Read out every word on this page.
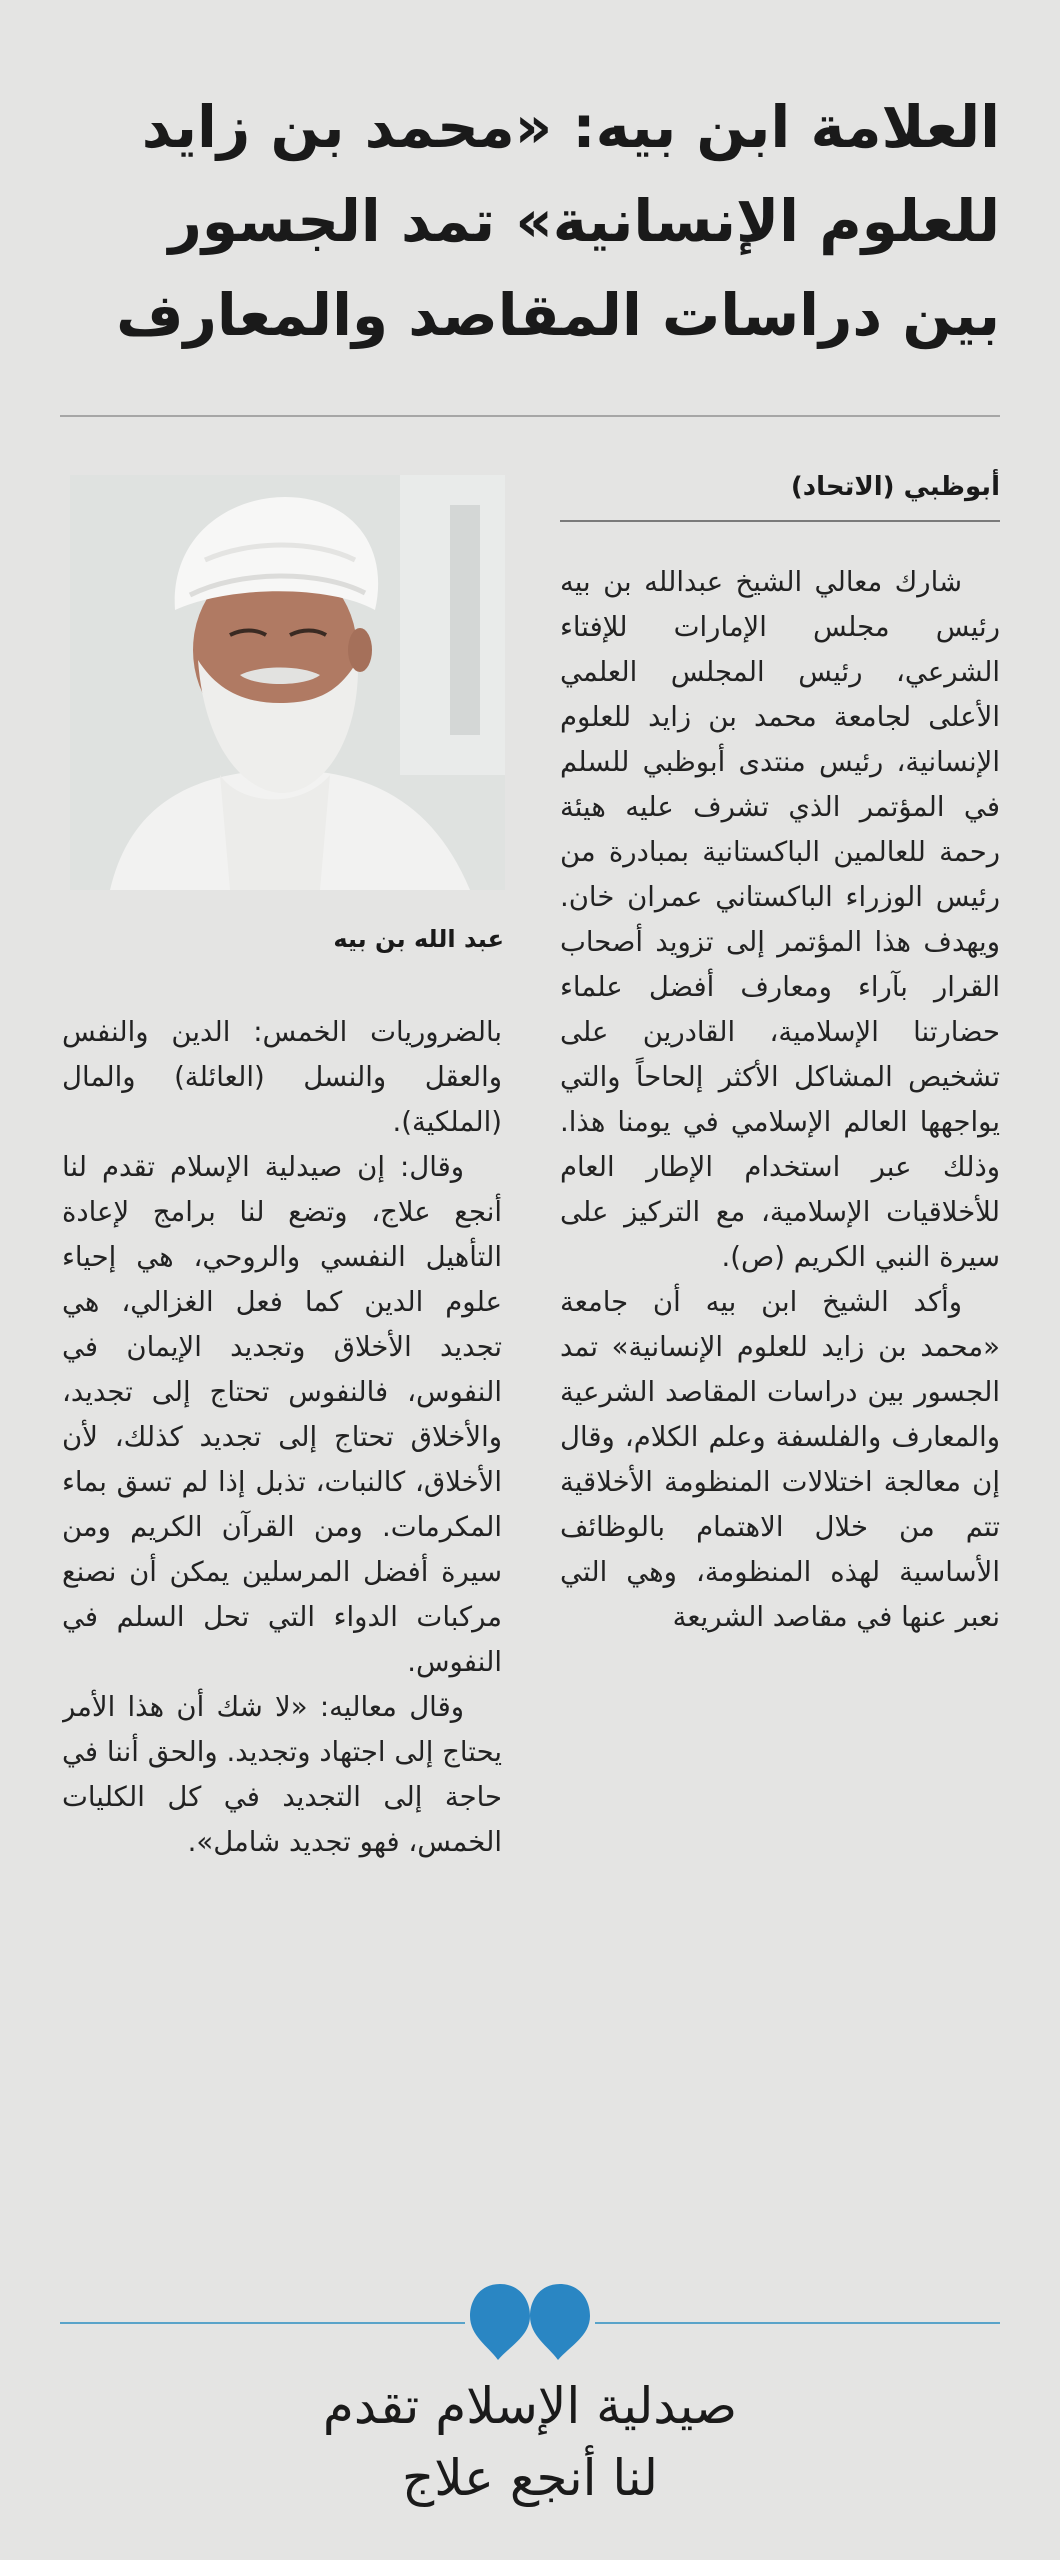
العلامة ابن بيه: «محمد بن زايد
للعلوم الإنسانية» تمد الجسور
بين دراسات المقاصد والمعارف
أبوظبي (الاتحاد)
عبد الله بن بيه

شارك معالي الشيخ عبدالله بن بيه رئيس مجلس الإمارات للإفتاء الشرعي، رئيس المجلس العلمي الأعلى لجامعة محمد بن زايد للعلوم الإنسانية، رئيس منتدى أبوظبي للسلم في المؤتمر الذي تشرف عليه هيئة رحمة للعالمين الباكستانية بمبادرة من رئيس الوزراء الباكستاني عمران خان. ويهدف هذا المؤتمر إلى تزويد أصحاب القرار بآراء ومعارف أفضل علماء حضارتنا الإسلامية، القادرين على تشخيص المشاكل الأكثر إلحاحاً والتي يواجهها العالم الإسلامي في يومنا هذا. وذلك عبر استخدام الإطار العام للأخلاقيات الإسلامية، مع التركيز على سيرة النبي الكريم (ص).

وأكد الشيخ ابن بيه أن جامعة «محمد بن زايد للعلوم الإنسانية» تمد الجسور بين دراسات المقاصد الشرعية والمعارف والفلسفة وعلم الكلام، وقال إن معالجة اختلالات المنظومة الأخلاقية تتم من خلال الاهتمام بالوظائف الأساسية لهذه المنظومة، وهي التي نعبر عنها في مقاصد الشريعة

بالضروريات الخمس: الدين والنفس والعقل والنسل (العائلة) والمال (الملكية).

وقال: إن صيدلية الإسلام تقدم لنا أنجع علاج، وتضع لنا برامج لإعادة التأهيل النفسي والروحي، هي إحياء علوم الدين كما فعل الغزالي، هي تجديد الأخلاق وتجديد الإيمان في النفوس، فالنفوس تحتاج إلى تجديد، والأخلاق تحتاج إلى تجديد كذلك، لأن الأخلاق، كالنبات، تذبل إذا لم تسق بماء المكرمات. ومن القرآن الكريم ومن سيرة أفضل المرسلين يمكن أن نصنع مركبات الدواء التي تحل السلم في النفوس.

وقال معاليه: «لا شك أن هذا الأمر يحتاج إلى اجتهاد وتجديد. والحق أننا في حاجة إلى التجديد في كل الكليات الخمس، فهو تجديد شامل».

صيدلية الإسلام تقدم
لنا أنجع علاج
